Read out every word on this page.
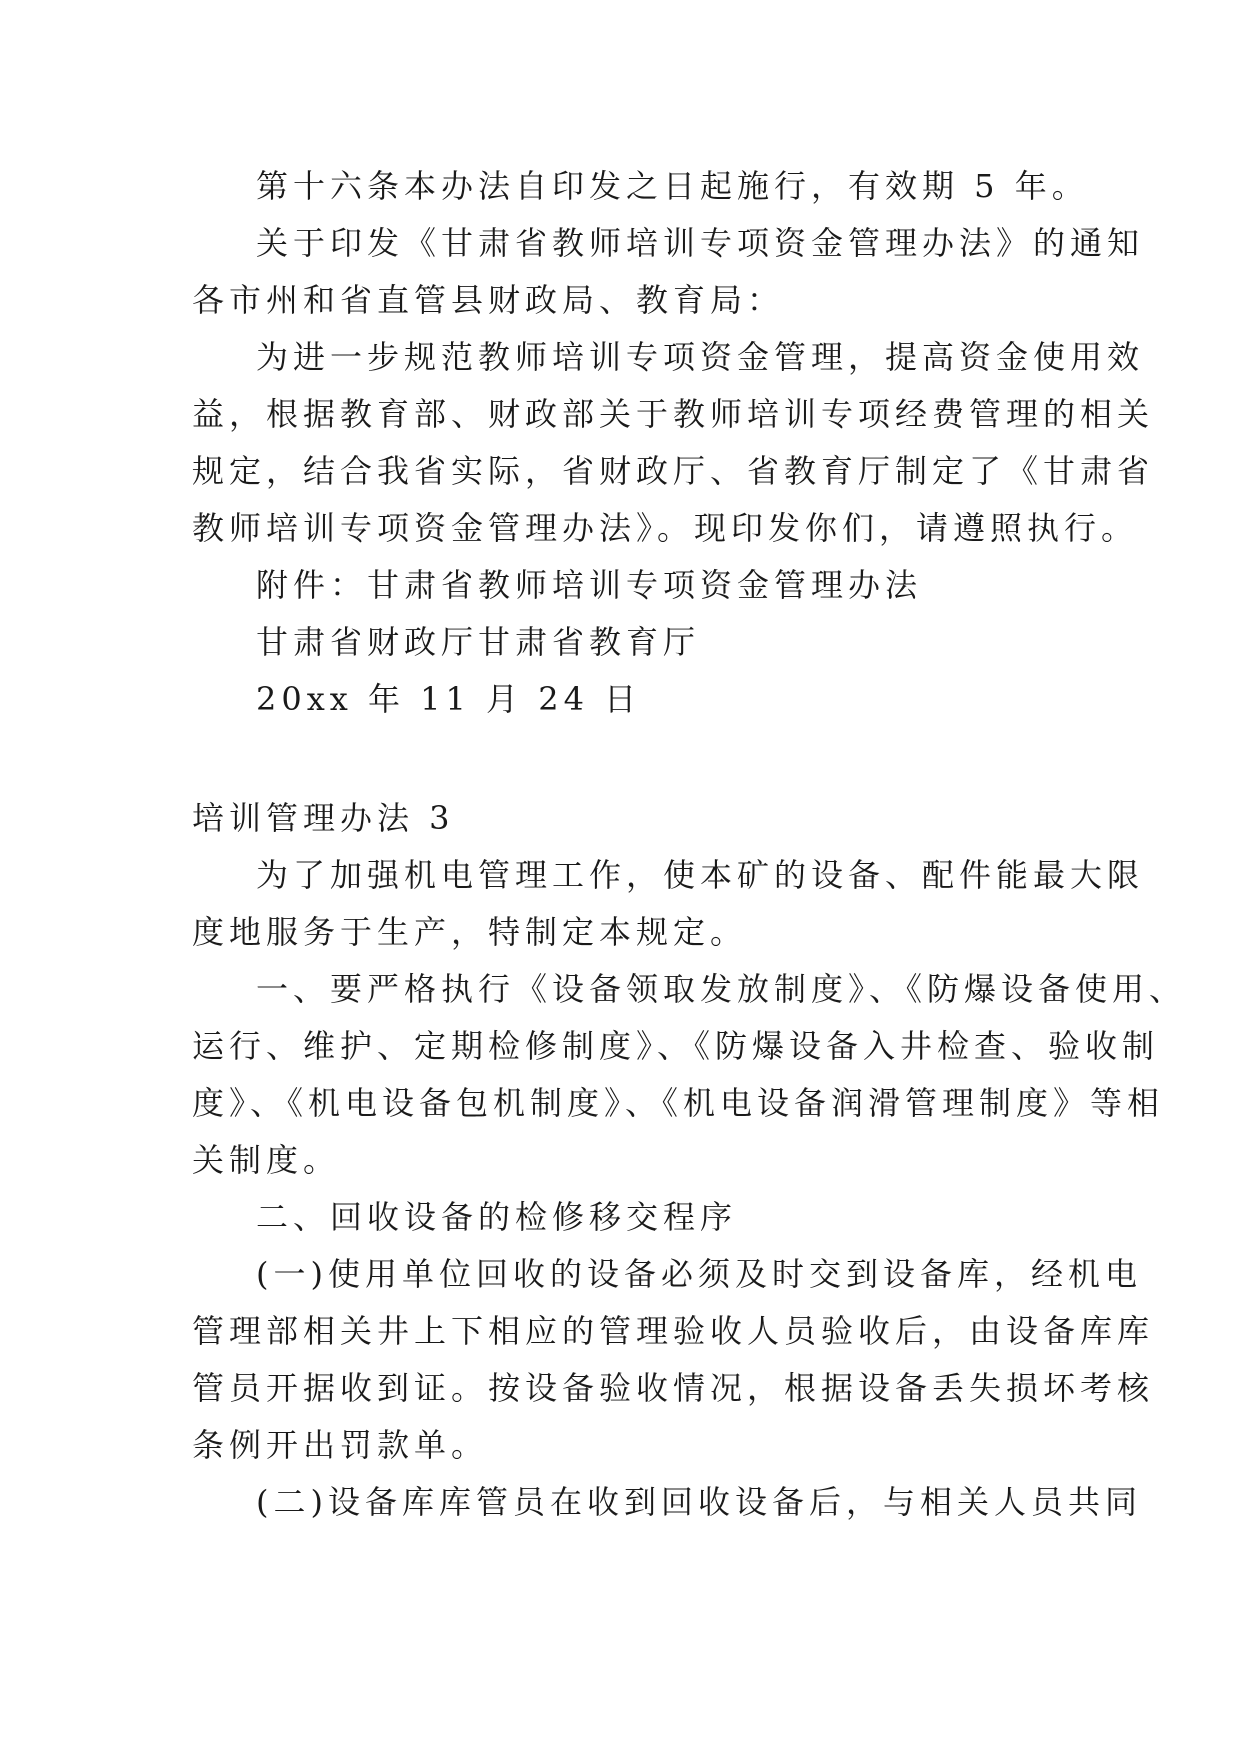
第十六条本办法自印发之日起施行，有效期 5 年。
关于印发《甘肃省教师培训专项资金管理办法》的通知
各市州和省直管县财政局、教育局：
为进一步规范教师培训专项资金管理，提高资金使用效
益，根据教育部、财政部关于教师培训专项经费管理的相关
规定，结合我省实际，省财政厅、省教育厅制定了《甘肃省
教师培训专项资金管理办法》。现印发你们，请遵照执行。
附件：甘肃省教师培训专项资金管理办法
甘肃省财政厅甘肃省教育厅
20xx 年 11 月 24 日
培训管理办法 3
为了加强机电管理工作，使本矿的设备、配件能最大限
度地服务于生产，特制定本规定。
一、要严格执行《设备领取发放制度》、《防爆设备使用、
运行、维护、定期检修制度》、《防爆设备入井检查、验收制
度》、《机电设备包机制度》、《机电设备润滑管理制度》等相
关制度。
二、回收设备的检修移交程序
(一)使用单位回收的设备必须及时交到设备库，经机电
管理部相关井上下相应的管理验收人员验收后，由设备库库
管员开据收到证。按设备验收情况，根据设备丢失损坏考核
条例开出罚款单。
(二)设备库库管员在收到回收设备后，与相关人员共同
